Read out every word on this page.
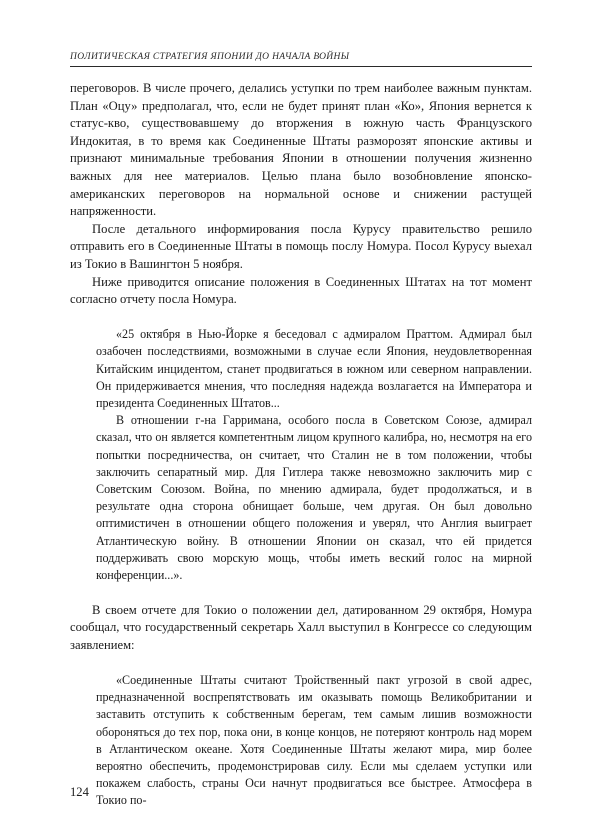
ПОЛИТИЧЕСКАЯ СТРАТЕГИЯ ЯПОНИИ ДО НАЧАЛА ВОЙНЫ

переговоров. В числе прочего, делались уступки по трем наиболее важным пунктам. План «Оцу» предполагал, что, если не будет принят план «Ко», Япония вернется к статус-кво, существовавшему до вторжения в южную часть Французского Индокитая, в то время как Соединенные Штаты разморозят японские активы и признают минимальные требования Японии в отношении получения жизненно важных для нее материалов. Целью плана было возобновление японско-американских переговоров на нормальной основе и снижении растущей напряженности.

После детального информирования посла Курусу правительство решило отправить его в Соединенные Штаты в помощь послу Номура. Посол Курусу выехал из Токио в Вашингтон 5 ноября.

Ниже приводится описание положения в Соединенных Штатах на тот момент согласно отчету посла Номура.

«25 октября в Нью-Йорке я беседовал с адмиралом Праттом. Адмирал был озабочен последствиями, возможными в случае если Япония, неудовлетворенная Китайским инцидентом, станет продвигаться в южном или северном направлении. Он придерживается мнения, что последняя надежда возлагается на Императора и президента Соединенных Штатов...

В отношении г-на Гарримана, особого посла в Советском Союзе, адмирал сказал, что он является компетентным лицом крупного калибра, но, несмотря на его попытки посредничества, он считает, что Сталин не в том положении, чтобы заключить сепаратный мир. Для Гитлера также невозможно заключить мир с Советским Союзом. Война, по мнению адмирала, будет продолжаться, и в результате одна сторона обнищает больше, чем другая. Он был довольно оптимистичен в отношении общего положения и уверял, что Англия выиграет Атлантическую войну. В отношении Японии он сказал, что ей придется поддерживать свою морскую мощь, чтобы иметь веский голос на мирной конференции...».

В своем отчете для Токио о положении дел, датированном 29 октября, Номура сообщал, что государственный секретарь Халл выступил в Конгрессе со следующим заявлением:

«Соединенные Штаты считают Тройственный пакт угрозой в свой адрес, предназначенной воспрепятствовать им оказывать помощь Великобритании и заставить отступить к собственным берегам, тем самым лишив возможности обороняться до тех пор, пока они, в конце концов, не потеряют контроль над морем в Атлантическом океане. Хотя Соединенные Штаты желают мира, мир более вероятно обеспечить, продемонстрировав силу. Если мы сделаем уступки или покажем слабость, страны Оси начнут продвигаться все быстрее. Атмосфера в Токио по-

124
